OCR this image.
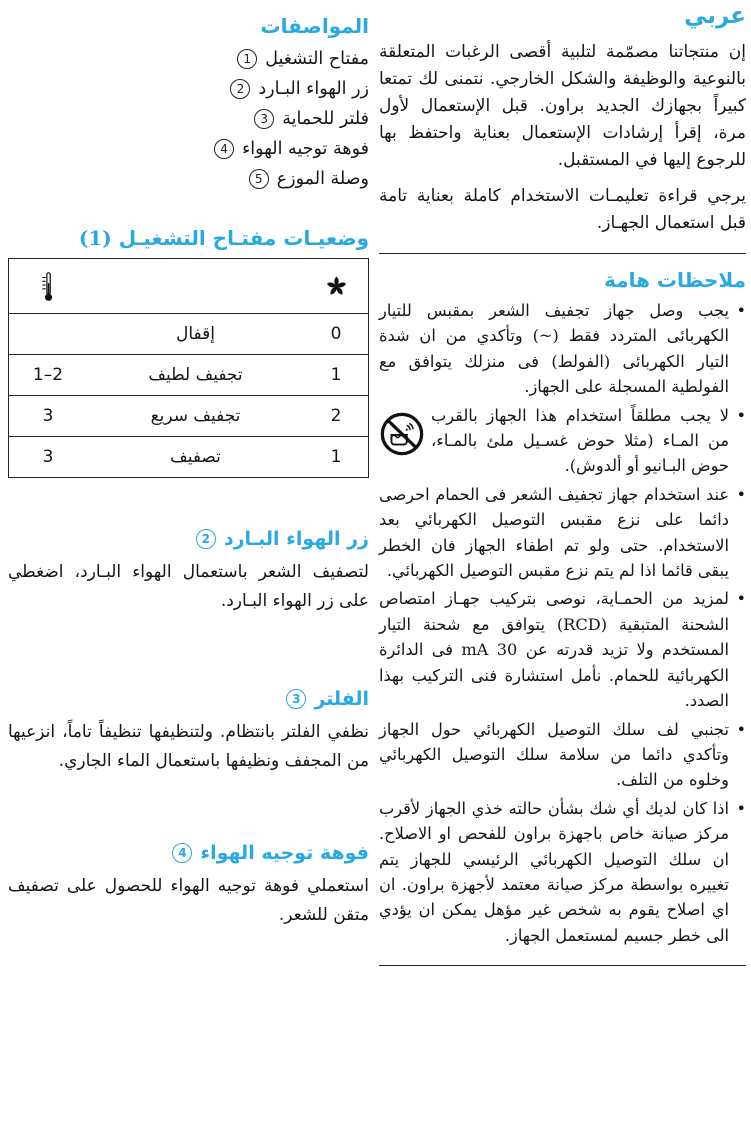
عربي

إن منتجاتنا مصمّمة لتلبية أقصى الرغبات المتعلقة بالنوعية والوظيفة والشكل الخارجي. نتمنى لك تمتعا كبيراً بجهازك الجديد براون. قبل الإستعمال لأول مرة، إقرأ إرشادات الإستعمال بعناية واحتفظ بها للرجوع إليها في المستقبل.

يرجي قراءة تعليمـات الاستخدام كاملة بعناية تامة قبل استعمال الجهـاز.

ملاحظات هامة
•
يجب وصل جهاز تجفيف الشعر بمقبس للتيار الكهربائى المتردد فقط (~) وتأكدي من ان شدة التيار الكهربائى (الفولط) فى منزلك يتوافق مع الفولطية المسجلة على الجهاز.
•
لا يجب مطلقاً استخدام هذا الجهاز بالقرب من المـاء (مثلا حوض غسـيل ملئ بالمـاء، حوض البـانيو أو ألدوش).
•
عند استخدام جهاز تجفيف الشعر فى الحمام احرصى دائما على نزع مقبس التوصيل الكهربائي بعد الاستخدام. حتى ولو تم اطفاء الجهاز فان الخطر يبقى قائما اذا لم يتم نزع مقبس التوصيل الكهربائي.
•
لمزيد من الحمـاية، نوصى بتركيب جهـاز امتصاص الشحنة المتبقية (RCD) يتوافق مع شحنة التيار المستخدم ولا تزيد قدرته عن 30 mA فى الدائرة الكهربائية للحمام. نأمل استشارة فنى التركيب بهذا الصدد.
•
تجنبي لف سلك التوصيل الكهربائي حول الجهاز وتأكدي دائما من سلامة سلك التوصيل الكهربائي وخلوه من التلف.
•
اذا كان لديك أي شك بشأن حالته خذي الجهاز لأقرب مركز صيانة خاص باجهزة براون للفحص او الاصلاح. ان سلك التوصيل الكهربائي الرئيسي للجهاز يتم تغييره بواسطة مركز صيانة معتمد لأجهزة براون. ان اي اصلاح يقوم به شخص غير مؤهل يمكن ان يؤدي الى خطر جسيم لمستعمل الجهاز.
المواصفات
مفتاح التشغيل
1
زر الهواء البـارد
2
فلتر للحماية
3
فوهة توجيه الهواء
4
وصلة الموزع
5
وضعيـات مفتـاح التشغيـل (1)

0	إقفال	
1	تجفيف لطيف	1–2
2	تجفيف سريع	3
1	تصفيف	3
زر الهواء البـارد
2

لتصفيف الشعر باستعمال الهواء البـارد، اضغطي على زر الهواء البـارد.

الفلتر
3

نظفي الفلتر بانتظام. ولتنظيفها تنظيفاً تاماً، انزعيها من المجفف ونظيفها باستعمال الماء الجاري.

فوهة توجيه الهواء
4

استعملي فوهة توجيه الهواء للحصول على تصفيف متقن للشعر.
